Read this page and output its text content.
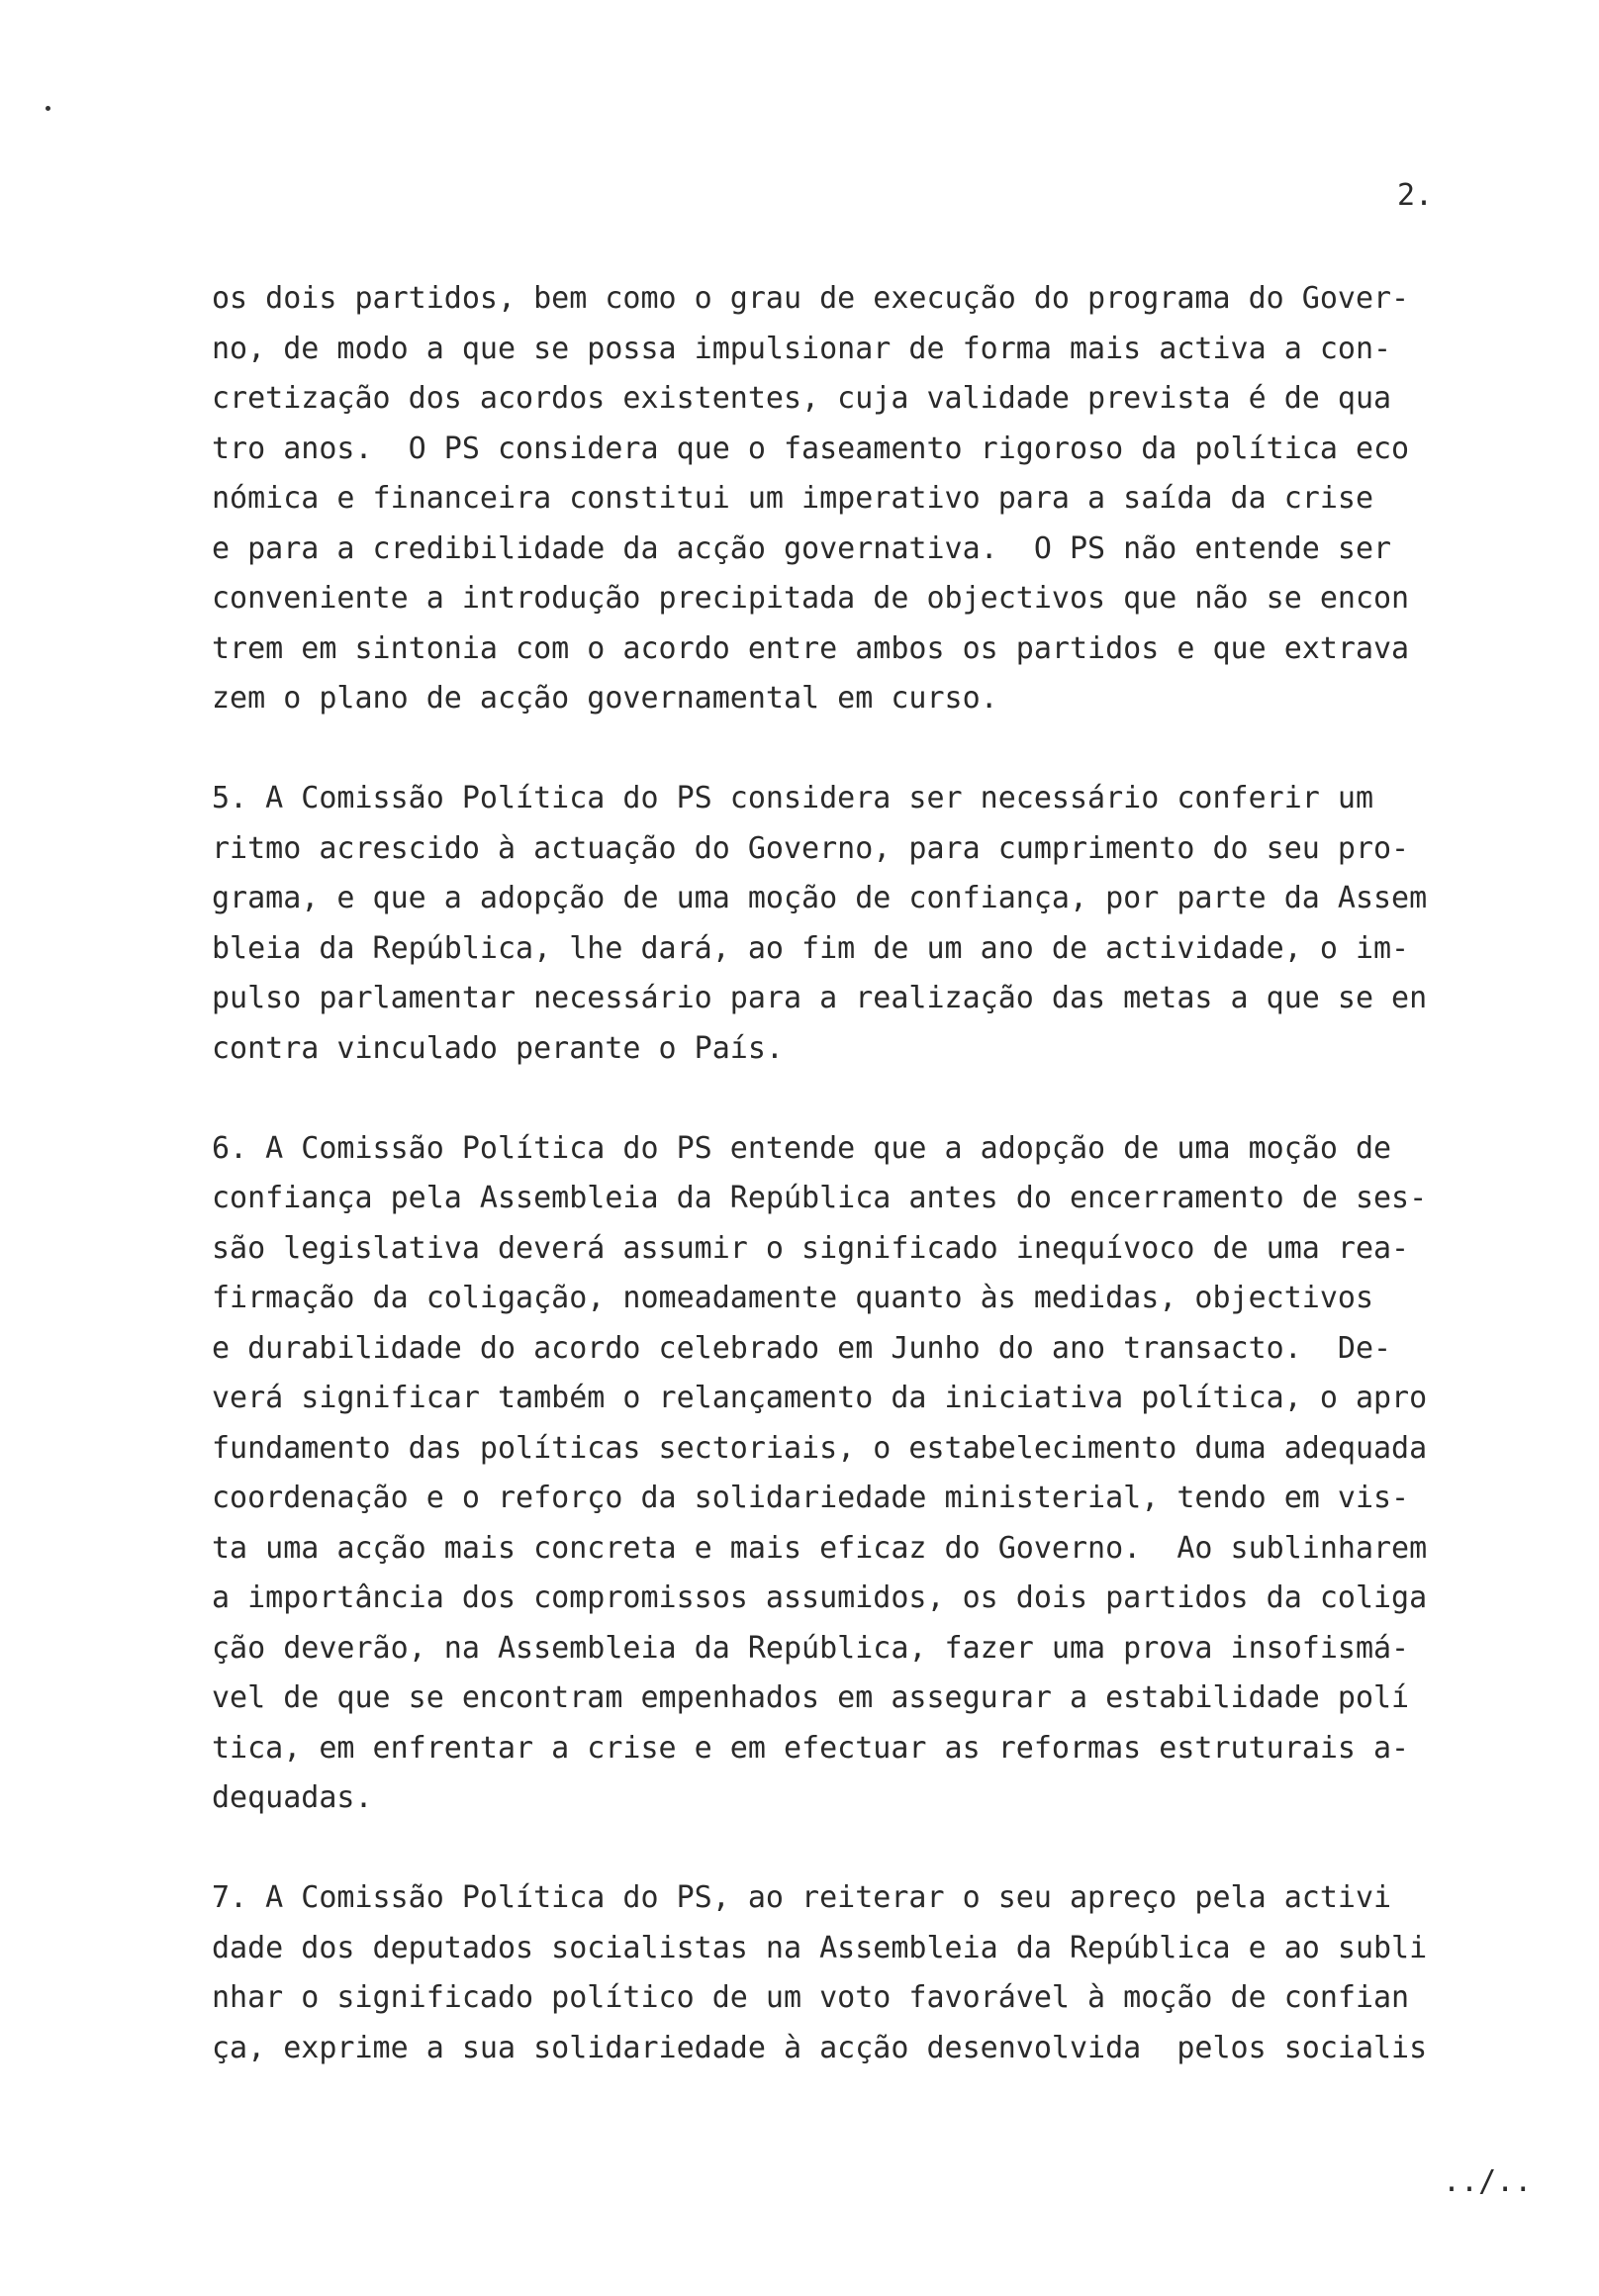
2.
os dois partidos, bem como o grau de execução do programa do Gover-
no, de modo a que se possa impulsionar de forma mais activa a con-
cretização dos acordos existentes, cuja validade prevista é de qua
tro anos.  O PS considera que o faseamento rigoroso da política eco
nómica e financeira constitui um imperativo para a saída da crise
e para a credibilidade da acção governativa.  O PS não entende ser
conveniente a introdução precipitada de objectivos que não se encon
trem em sintonia com o acordo entre ambos os partidos e que extrava
zem o plano de acção governamental em curso.
5. A Comissão Política do PS considera ser necessário conferir um
ritmo acrescido à actuação do Governo, para cumprimento do seu pro-
grama, e que a adopção de uma moção de confiança, por parte da Assem
bleia da República, lhe dará, ao fim de um ano de actividade, o im-
pulso parlamentar necessário para a realização das metas a que se en
contra vinculado perante o País.
6. A Comissão Política do PS entende que a adopção de uma moção de
confiança pela Assembleia da República antes do encerramento de ses-
são legislativa deverá assumir o significado inequívoco de uma rea-
firmação da coligação, nomeadamente quanto às medidas, objectivos
e durabilidade do acordo celebrado em Junho do ano transacto.  De-
verá significar também o relançamento da iniciativa política, o apro
fundamento das políticas sectoriais, o estabelecimento duma adequada
coordenação e o reforço da solidariedade ministerial, tendo em vis-
ta uma acção mais concreta e mais eficaz do Governo.  Ao sublinharem
a importância dos compromissos assumidos, os dois partidos da coliga
ção deverão, na Assembleia da República, fazer uma prova insofismá-
vel de que se encontram empenhados em assegurar a estabilidade polí
tica, em enfrentar a crise e em efectuar as reformas estruturais a-
dequadas.
7. A Comissão Política do PS, ao reiterar o seu apreço pela activi
dade dos deputados socialistas na Assembleia da República e ao subli
nhar o significado político de um voto favorável à moção de confian
ça, exprime a sua solidariedade à acção desenvolvida  pelos socialis
../..
